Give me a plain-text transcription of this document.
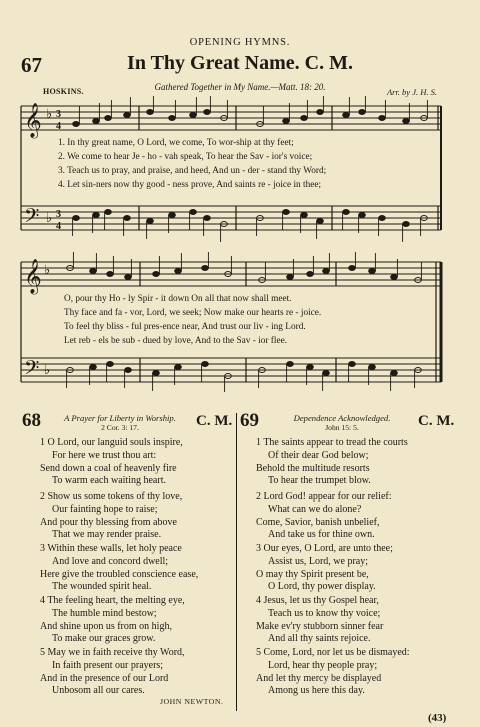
OPENING HYMNS.
67	In Thy Great Name. C. M.
Gathered Together in My Name.—Matt. 18: 20.
HOSKINS.	Arr. by J. H. S.
𝄞
𝄢
♭
♭
3
4
3
4
1. In thy great name, O Lord, we come, To wor-ship at thy feet;
2. We come to hear Je - ho - vah speak, To hear the Sav - ior's voice;
3. Teach us to pray, and praise, and heed, And un - der - stand thy Word;
4. Let sin-ners now thy good - ness prove, And saints re - joice in thee;
𝄞
𝄢
♭
♭
O, pour thy Ho - ly Spir - it down On all that now shall meet.
Thy face and fa - vor, Lord, we seek; Now make our hearts re - joice.
To feel thy bliss - ful pres-ence near, And trust our liv - ing Lord.
Let reb - els be sub - dued by love, And to the Sav - ior flee.
68	A Prayer for Liberty in Worship.
2 Cor. 3: 17.	C. M.
1 O Lord, our languid souls inspire,
For here we trust thou art:
Send down a coal of heavenly fire
To warm each waiting heart.
2 Show us some tokens of thy love,
Our fainting hope to raise;
And pour thy blessing from above
That we may render praise.
3 Within these walls, let holy peace
And love and concord dwell;
Here give the troubled conscience ease,
The wounded spirit heal.
4 The feeling heart, the melting eye,
The humble mind bestow;
And shine upon us from on high,
To make our graces grow.
5 May we in faith receive thy Word,
In faith present our prayers;
And in the presence of our Lord
Unbosom all our cares.
JOHN NEWTON.
69	Dependence Acknowledged.
John 15: 5.	C. M.
1 The saints appear to tread the courts
Of their dear God below;
Behold the multitude resorts
To hear the trumpet blow.
2 Lord God! appear for our relief:
What can we do alone?
Come, Savior, banish unbelief,
And take us for thine own.
3 Our eyes, O Lord, are unto thee;
Assist us, Lord, we pray;
O may thy Spirit present be,
O Lord, thy power display.
4 Jesus, let us thy Gospel hear,
Teach us to know thy voice;
Make ev'ry stubborn sinner fear
And all thy saints rejoice.
5 Come, Lord, nor let us be dismayed:
Lord, hear thy people pray;
And let thy mercy be displayed
Among us here this day.
(43)
